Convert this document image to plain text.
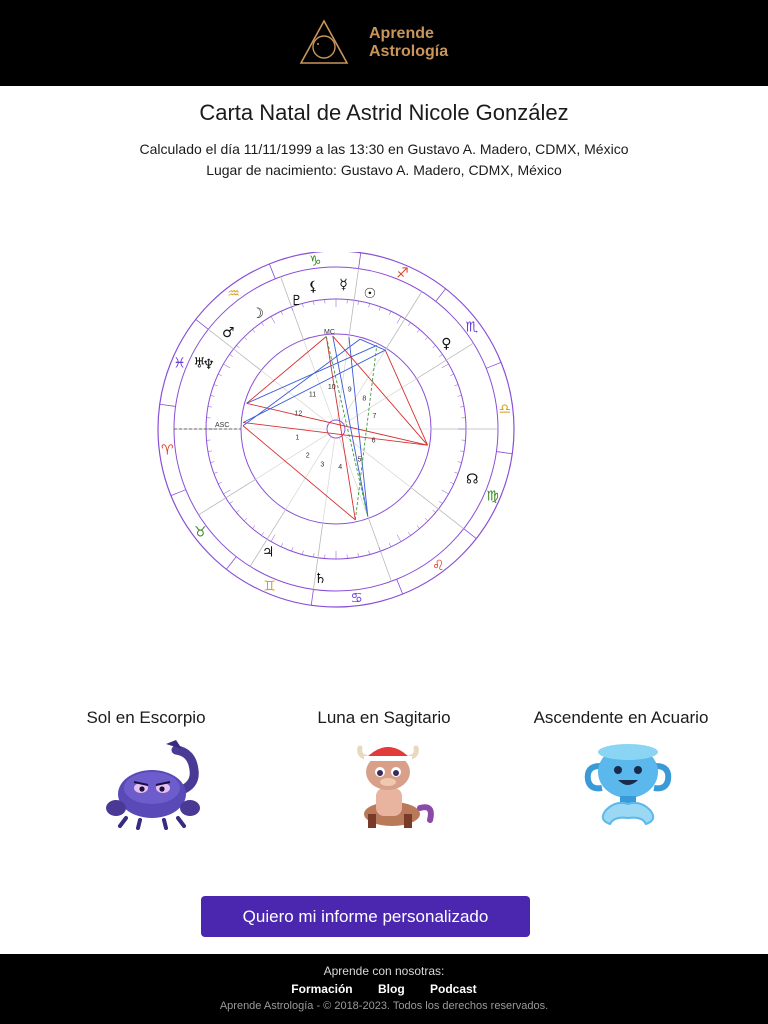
Aprende
Astrología
Carta Natal de Astrid Nicole González
Calculado el día 11/11/1999 a las 13:30 en Gustavo A. Madero, CDMX, México
Lugar de nacimiento: Gustavo A. Madero, CDMX, México
♈
♉
♊
♋
♌
♍
♎
♏
♐
♑
♒
♓
☉
☽
☿
♀
♂
♃
♄
♅
♆
♇
☊
⚸
1
2
3 4
5
6
7
8
9
10
11
12
ASC
MC
Sol en Escorpio	Luna en Sagitario	Ascendente en Acuario
Quiero mi informe personalizado
Aprende con nosotras:
Formación Blog Podcast
Aprende Astrología - © 2018-2023. Todos los derechos reservados.
